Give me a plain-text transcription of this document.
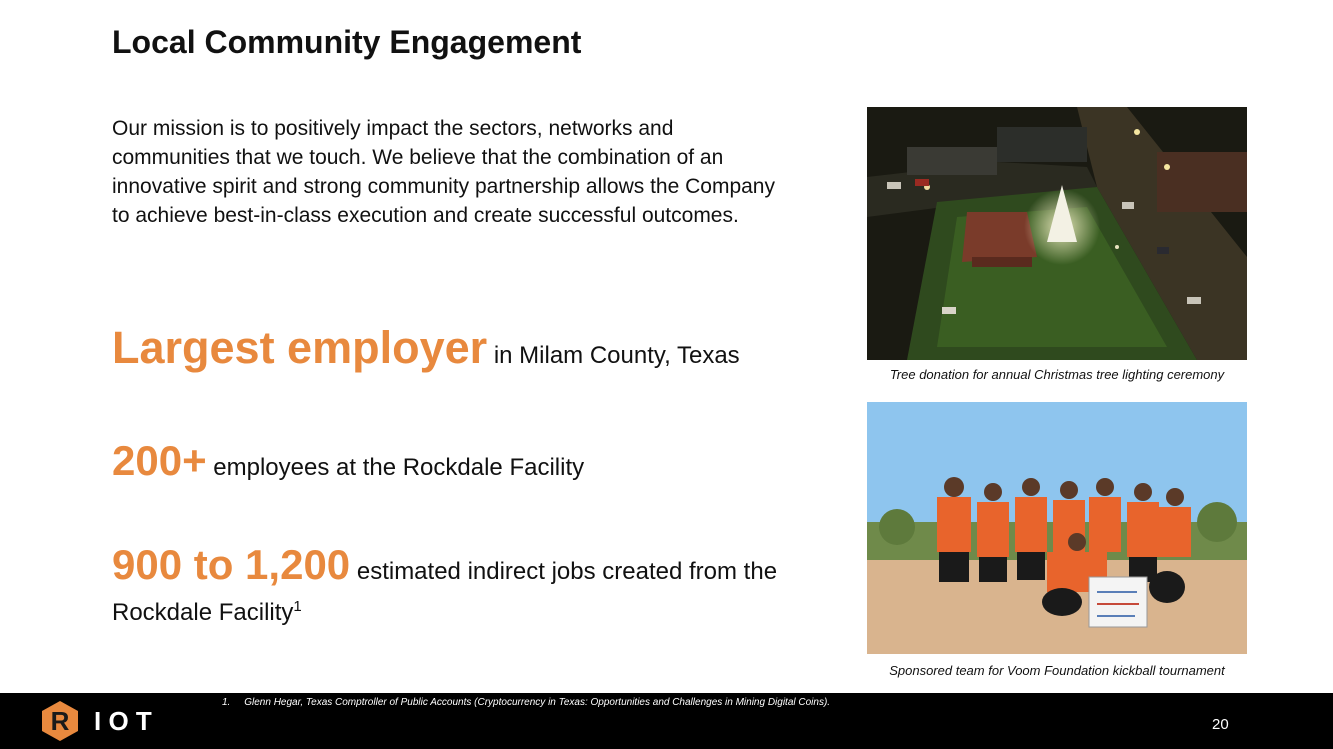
Local Community Engagement

Our mission is to positively impact the sectors, networks and communities that we touch. We believe that the combination of an innovative spirit and strong community partnership allows the Company to achieve best-in-class execution and create successful outcomes.

Largest employer in Milam County, Texas

200+ employees at the Rockdale Facility

900 to 1,200 estimated indirect jobs created from the Rockdale Facility$^1$

Tree donation for annual Christmas tree lighting ceremony

Sponsored team for Voom Foundation kickball tournament

R I O T

1.     Glenn Hegar, Texas Comptroller of Public Accounts (Cryptocurrency in Texas: Opportunities and Challenges in Mining Digital Coins).

20
